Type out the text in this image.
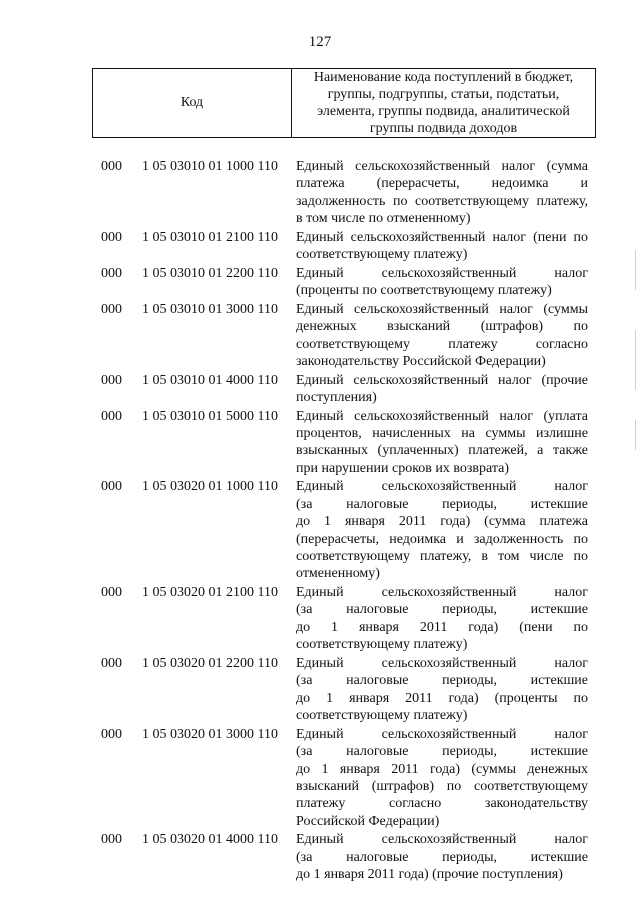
127
Код
Наименование кода поступлений в бюджет, группы, подгруппы, статьи, подстатьи, элемента, группы подвида, аналитической группы подвида доходов
000 1 05 03010 01 1000 110 Единый сельскохозяйственный налог (сумма
платежа (перерасчеты, недоимка и
задолженность по соответствующему платежу,
в том числе по отмененному)
000 1 05 03010 01 2100 110 Единый сельскохозяйственный налог (пени по
соответствующему платежу)
000 1 05 03010 01 2200 110 Единый сельскохозяйственный налог
(проценты по соответствующему платежу)
000 1 05 03010 01 3000 110 Единый сельскохозяйственный налог (суммы
денежных взысканий (штрафов) по
соответствующему платежу согласно
законодательству Российской Федерации)
000 1 05 03010 01 4000 110 Единый сельскохозяйственный налог (прочие
поступления)
000 1 05 03010 01 5000 110 Единый сельскохозяйственный налог (уплата
процентов, начисленных на суммы излишне
взысканных (уплаченных) платежей, а также
при нарушении сроков их возврата)
000 1 05 03020 01 1000 110 Единый сельскохозяйственный налог
(за налоговые периоды, истекшие
до 1 января 2011 года) (сумма платежа
(перерасчеты, недоимка и задолженность по
соответствующему платежу, в том числе по
отмененному)
000 1 05 03020 01 2100 110 Единый сельскохозяйственный налог
(за налоговые периоды, истекшие
до 1 января 2011 года) (пени по
соответствующему платежу)
000 1 05 03020 01 2200 110 Единый сельскохозяйственный налог
(за налоговые периоды, истекшие
до 1 января 2011 года) (проценты по
соответствующему платежу)
000 1 05 03020 01 3000 110 Единый сельскохозяйственный налог
(за налоговые периоды, истекшие
до 1 января 2011 года) (суммы денежных
взысканий (штрафов) по соответствующему
платежу согласно законодательству
Российской Федерации)
000 1 05 03020 01 4000 110 Единый сельскохозяйственный налог
(за налоговые периоды, истекшие
до 1 января 2011 года) (прочие поступления)
